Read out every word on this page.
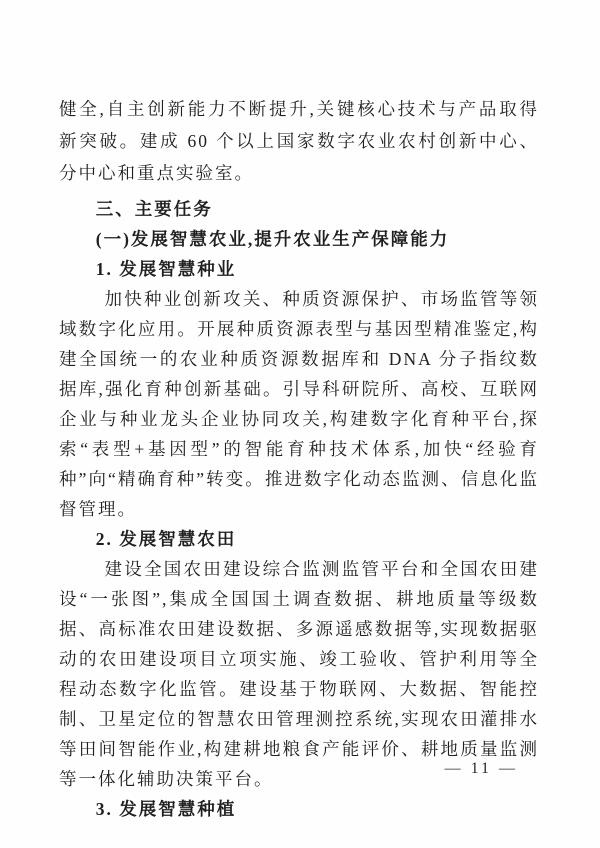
健全,自主创新能力不断提升,关键核心技术与产品取得新突破。建成 60 个以上国家数字农业农村创新中心、分中心和重点实验室。

三、主要任务
(一)发展智慧农业,提升农业生产保障能力
1. 发展智慧种业

加快种业创新攻关、种质资源保护、市场监管等领域数字化应用。开展种质资源表型与基因型精准鉴定,构建全国统一的农业种质资源数据库和 DNA 分子指纹数据库,强化育种创新基础。引导科研院所、高校、互联网企业与种业龙头企业协同攻关,构建数字化育种平台,探索“表型+基因型”的智能育种技术体系,加快“经验育种”向“精确育种”转变。推进数字化动态监测、信息化监督管理。

2. 发展智慧农田

建设全国农田建设综合监测监管平台和全国农田建设“一张图”,集成全国国土调查数据、耕地质量等级数据、高标准农田建设数据、多源遥感数据等,实现数据驱动的农田建设项目立项实施、竣工验收、管护利用等全程动态数字化监管。建设基于物联网、大数据、智能控制、卫星定位的智慧农田管理测控系统,实现农田灌排水等田间智能作业,构建耕地粮食产能评价、耕地质量监测等一体化辅助决策平台。

3. 发展智慧种植
— 11 —
